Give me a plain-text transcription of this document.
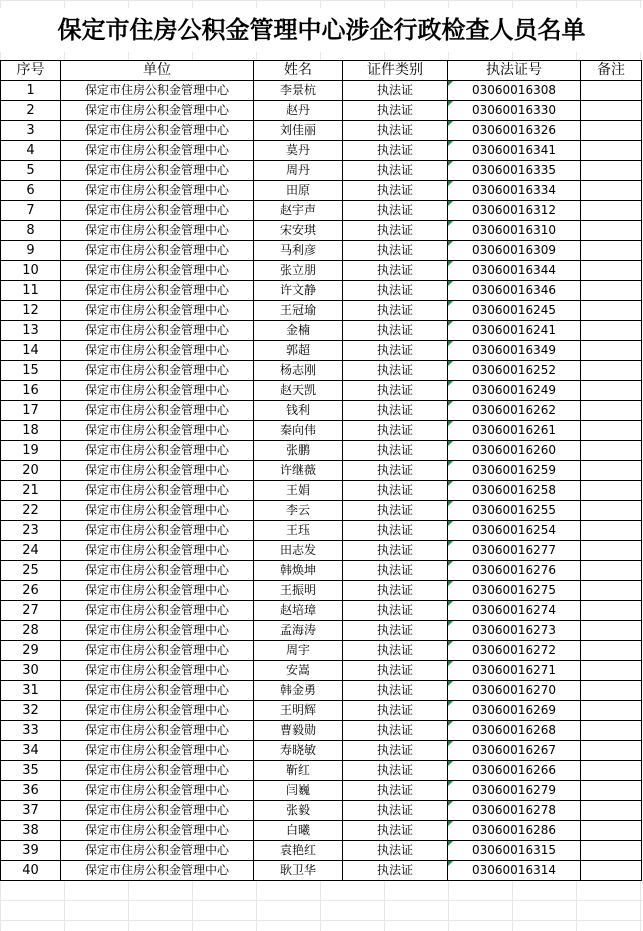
保定市住房公积金管理中心涉企行政检查人员名单
序号	单位	姓名	证件类别	执法证号	备注
1	保定市住房公积金管理中心	李景杭	执法证	03060016308	
2	保定市住房公积金管理中心	赵丹	执法证	03060016330	
3	保定市住房公积金管理中心	刘佳丽	执法证	03060016326	
4	保定市住房公积金管理中心	莫丹	执法证	03060016341	
5	保定市住房公积金管理中心	周丹	执法证	03060016335	
6	保定市住房公积金管理中心	田原	执法证	03060016334	
7	保定市住房公积金管理中心	赵宇声	执法证	03060016312	
8	保定市住房公积金管理中心	宋安琪	执法证	03060016310	
9	保定市住房公积金管理中心	马利彦	执法证	03060016309	
10	保定市住房公积金管理中心	张立朋	执法证	03060016344	
11	保定市住房公积金管理中心	许文静	执法证	03060016346	
12	保定市住房公积金管理中心	王冠瑜	执法证	03060016245	
13	保定市住房公积金管理中心	金楠	执法证	03060016241	
14	保定市住房公积金管理中心	郭超	执法证	03060016349	
15	保定市住房公积金管理中心	杨志刚	执法证	03060016252	
16	保定市住房公积金管理中心	赵天凯	执法证	03060016249	
17	保定市住房公积金管理中心	钱利	执法证	03060016262	
18	保定市住房公积金管理中心	秦向伟	执法证	03060016261	
19	保定市住房公积金管理中心	张鹏	执法证	03060016260	
20	保定市住房公积金管理中心	许继薇	执法证	03060016259	
21	保定市住房公积金管理中心	王娟	执法证	03060016258	
22	保定市住房公积金管理中心	李云	执法证	03060016255	
23	保定市住房公积金管理中心	王珏	执法证	03060016254	
24	保定市住房公积金管理中心	田志发	执法证	03060016277	
25	保定市住房公积金管理中心	韩焕坤	执法证	03060016276	
26	保定市住房公积金管理中心	王振明	执法证	03060016275	
27	保定市住房公积金管理中心	赵培璋	执法证	03060016274	
28	保定市住房公积金管理中心	孟海涛	执法证	03060016273	
29	保定市住房公积金管理中心	周宇	执法证	03060016272	
30	保定市住房公积金管理中心	安嵩	执法证	03060016271	
31	保定市住房公积金管理中心	韩金勇	执法证	03060016270	
32	保定市住房公积金管理中心	王明辉	执法证	03060016269	
33	保定市住房公积金管理中心	曹毅勋	执法证	03060016268	
34	保定市住房公积金管理中心	寿晓敏	执法证	03060016267	
35	保定市住房公积金管理中心	靳红	执法证	03060016266	
36	保定市住房公积金管理中心	闫巍	执法证	03060016279	
37	保定市住房公积金管理中心	张毅	执法证	03060016278	
38	保定市住房公积金管理中心	白曦	执法证	03060016286	
39	保定市住房公积金管理中心	袁艳红	执法证	03060016315	
40	保定市住房公积金管理中心	耿卫华	执法证	03060016314	
